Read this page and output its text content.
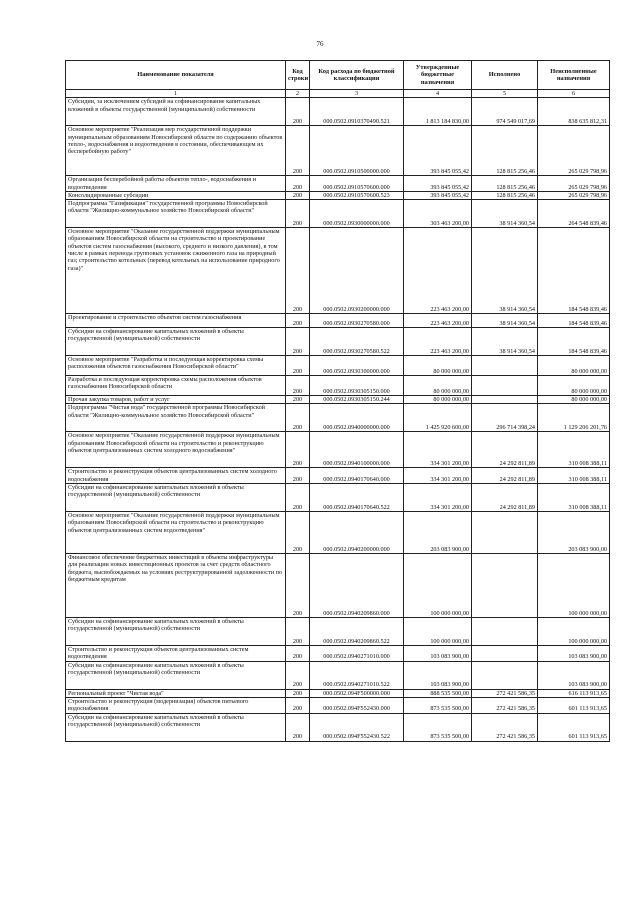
76
Наименование показателя	Код строки	Код расхода по бюджетной классификации	Утвержденные бюджетные назначения	Исполнено	Неисполненные назначения
1	2	3	4	5	6
Субсидии, за исключением субсидий на софинансирование капитальных вложений в объекты государственной (муниципальной) собственности	200	000.0502.0910370490.521	1 813 184 830,00	974 549 017,69	838 635 812,31
Основное мероприятие "Реализация мер государственной поддержки муниципальным образованиям Новосибирской области по содержанию объектов тепло-, водоснабжения и водоотведения в состоянии, обеспечивающем их бесперебойную работу"	200	000.0502.0910500000.000	393 845 055,42	128 815 256,46	265 029 798,96
Организация бесперебойной работы объектов тепло-, водоснабжения и водоотведения	200	000.0502.0910570600.000	393 845 055,42	128 815 256,46	265 029 798,96
Консолидированные субсидии	200	000.0502.0910570600.523	393 845 055,42	128 815 256,46	265 029 798,96
Подпрограмма "Газификация" государственной программы Новосибирской области "Жилищно-коммунальное хозяйство Новосибирской области"	200	000.0502.0930000000.000	303 463 200,00	38 914 360,54	264 548 839,46
Основное мероприятие "Оказание государственной поддержки муниципальным образованиям Новосибирской области на строительство и проектирование объектов систем газоснабжения (высокого, среднего и низкого давления), в том числе в рамках перевода групповых установок сжиженного газа на природный газ; строительство котельных (перевод котельных на использование природного газа)"	200	000.0502.0930200000.000	223 463 200,00	38 914 360,54	184 548 839,46
Проектирование и строительство объектов систем газоснабжения	200	000.0502.0930270580.000	223 463 200,00	38 914 360,54	184 548 839,46
Субсидии на софинансирование капитальных вложений в объекты государственной (муниципальной) собственности	200	000.0502.0930270580.522	223 463 200,00	38 914 360,54	184 548 839,46
Основное мероприятие "Разработка и последующая корректировка схемы расположения объектов газоснабжения Новосибирской области"	200	000.0502.0930300000.000	80 000 000,00		80 000 000,00
Разработка и последующая корректировка схемы расположения объектов газоснабжения Новосибирской области	200	000.0502.0930305150.000	80 000 000,00		80 000 000,00
Прочая закупка товаров, работ и услуг	200	000.0502.0930305150.244	80 000 000,00		80 000 000,00
Подпрограмма "Чистая вода" государственной программы Новосибирской области "Жилищно-коммунальное хозяйство Новосибирской области"	200	000.0502.0940000000.000	1 425 920 600,00	296 714 398,24	1 129 206 201,76
Основное мероприятие "Оказание государственной поддержки муниципальным образованиям Новосибирской области на строительство и реконструкцию объектов централизованных систем холодного водоснабжения"	200	000.0502.0940100000.000	334 301 200,00	24 292 811,89	310 008 388,11
Строительство и реконструкция объектов централизованных систем холодного водоснабжения	200	000.0502.0940170640.000	334 301 200,00	24 292 811,89	310 008 388,11
Субсидии на софинансирование капитальных вложений в объекты государственной (муниципальной) собственности	200	000.0502.0940170640.522	334 301 200,00	24 292 811,89	310 008 388,11
Основное мероприятие "Оказание государственной поддержки муниципальным образованиям Новосибирской области на строительство и реконструкцию объектов централизованных систем водоотведения"	200	000.0502.0940200000.000	203 083 900,00		203 083 900,00
Финансовое обеспечение бюджетных инвестиций в объекты инфраструктуры для реализации новых инвестиционных проектов за счет средств областного бюджета, высвобождаемых на условиях реструктурированной задолженности по бюджетным кредитам	200	000.0502.0940209860.000	100 000 000,00		100 000 000,00
Субсидии на софинансирование капитальных вложений в объекты государственной (муниципальной) собственности	200	000.0502.0940209860.522	100 000 000,00		100 000 000,00
Строительство и реконструкция объектов централизованных систем водоотведения	200	000.0502.0940271010.000	103 083 900,00		103 083 900,00
Субсидии на софинансирование капитальных вложений в объекты государственной (муниципальной) собственности	200	000.0502.0940271010.522	103 083 900,00		103 083 900,00
Региональный проект "Чистая вода"	200	000.0502.094F500000.000	888 535 500,00	272 421 586,35	616 113 913,65
Строительство и реконструкция (модернизация) объектов питьевого водоснабжения	200	000.0502.094F552430.000	873 535 500,00	272 421 586,35	601 113 913,65
Субсидии на софинансирование капитальных вложений в объекты государственной (муниципальной) собственности	200	000.0502.094F552430.522	873 535 500,00	272 421 586,35	601 113 913,65
